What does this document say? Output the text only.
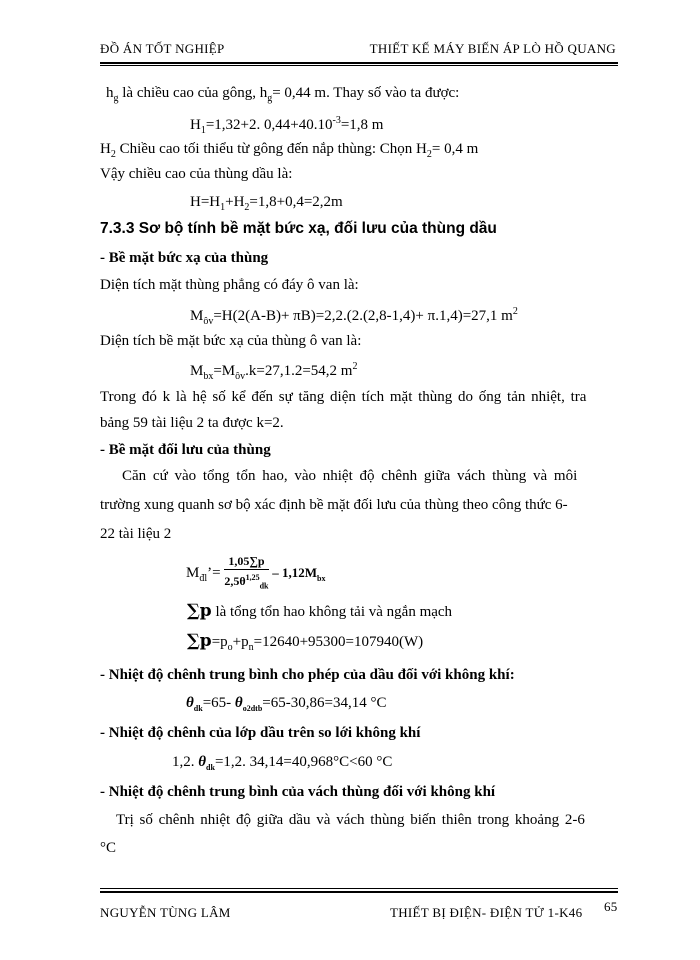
ĐỒ ÁN TỐT NGHIỆP	THIẾT KẾ MÁY BIẾN ÁP LÒ HỒ QUANG
$h_g$ là chiều cao của gông, $h_g= 0,44$ m. Thay số vào ta được:
$H_1=1,32+2$. $0,44+40.10^{-3}=1,8$ m
$H_2$ Chiều cao tối thiểu từ gông đến nắp thùng: Chọn $H_2= 0,4$ m
Vậy chiều cao của thùng dầu là:
$H=H_1+H_2=1,8+0,4=2,2m$
7.3.3 Sơ bộ tính bề mặt bức xạ, đối lưu của thùng dầu
- Bề mặt bức xạ của thùng
Diện tích mặt thùng phẳng có đáy ô van là:
$M_{ôv}=H(2(A-B)+ \pi B)=2,2.(2.(2,8-1,4)+ \pi.1,4)=27,1$ $m^2$
Diện tích bề mặt bức xạ của thùng ô van là:
$M_{bx}=M_{ôv}.k=27,1.2=54,2$ $m^2$
Trong đó k là hệ số kể đến sự tăng diện tích mặt thùng do ống tản nhiệt, tra
bảng 59 tài liệu 2 ta được k=2.
- Bề mặt đối lưu của thùng
Căn cứ vào tổng tổn hao, vào nhiệt độ chênh giữa vách thùng và môi
trường xung quanh sơ bộ xác định bề mặt đối lưu của thùng theo công thức 6-
22 tài liệu 2
$M_{đl}’= \frac{1,05\sum p}{2,5\theta^{1,25}_{dk}} - 1,12M_{bx}$
∑p là tổng tổn hao không tải và ngắn mạch
$\sum p=p_o+p_n=12640+95300=107940(W)$
- Nhiệt độ chênh trung bình cho phép của dầu đối với không khí:
$\theta_{dk}=65-$ $\theta_{o2dtb}=65-30,86=34,14$ °C
- Nhiệt độ chênh của lớp dầu trên so lới không khí
1,2. $\theta_{dk}=1,2$. 34,14=40,968°C<60 °C
- Nhiệt độ chênh trung bình của vách thùng đối với không khí
Trị số chênh nhiệt độ giữa dầu và vách thùng biến thiên trong khoảng 2-6
°C
NGUYỄN TÙNG LÂM	THIẾT BỊ ĐIỆN- ĐIỆN TỬ 1-K46 65
